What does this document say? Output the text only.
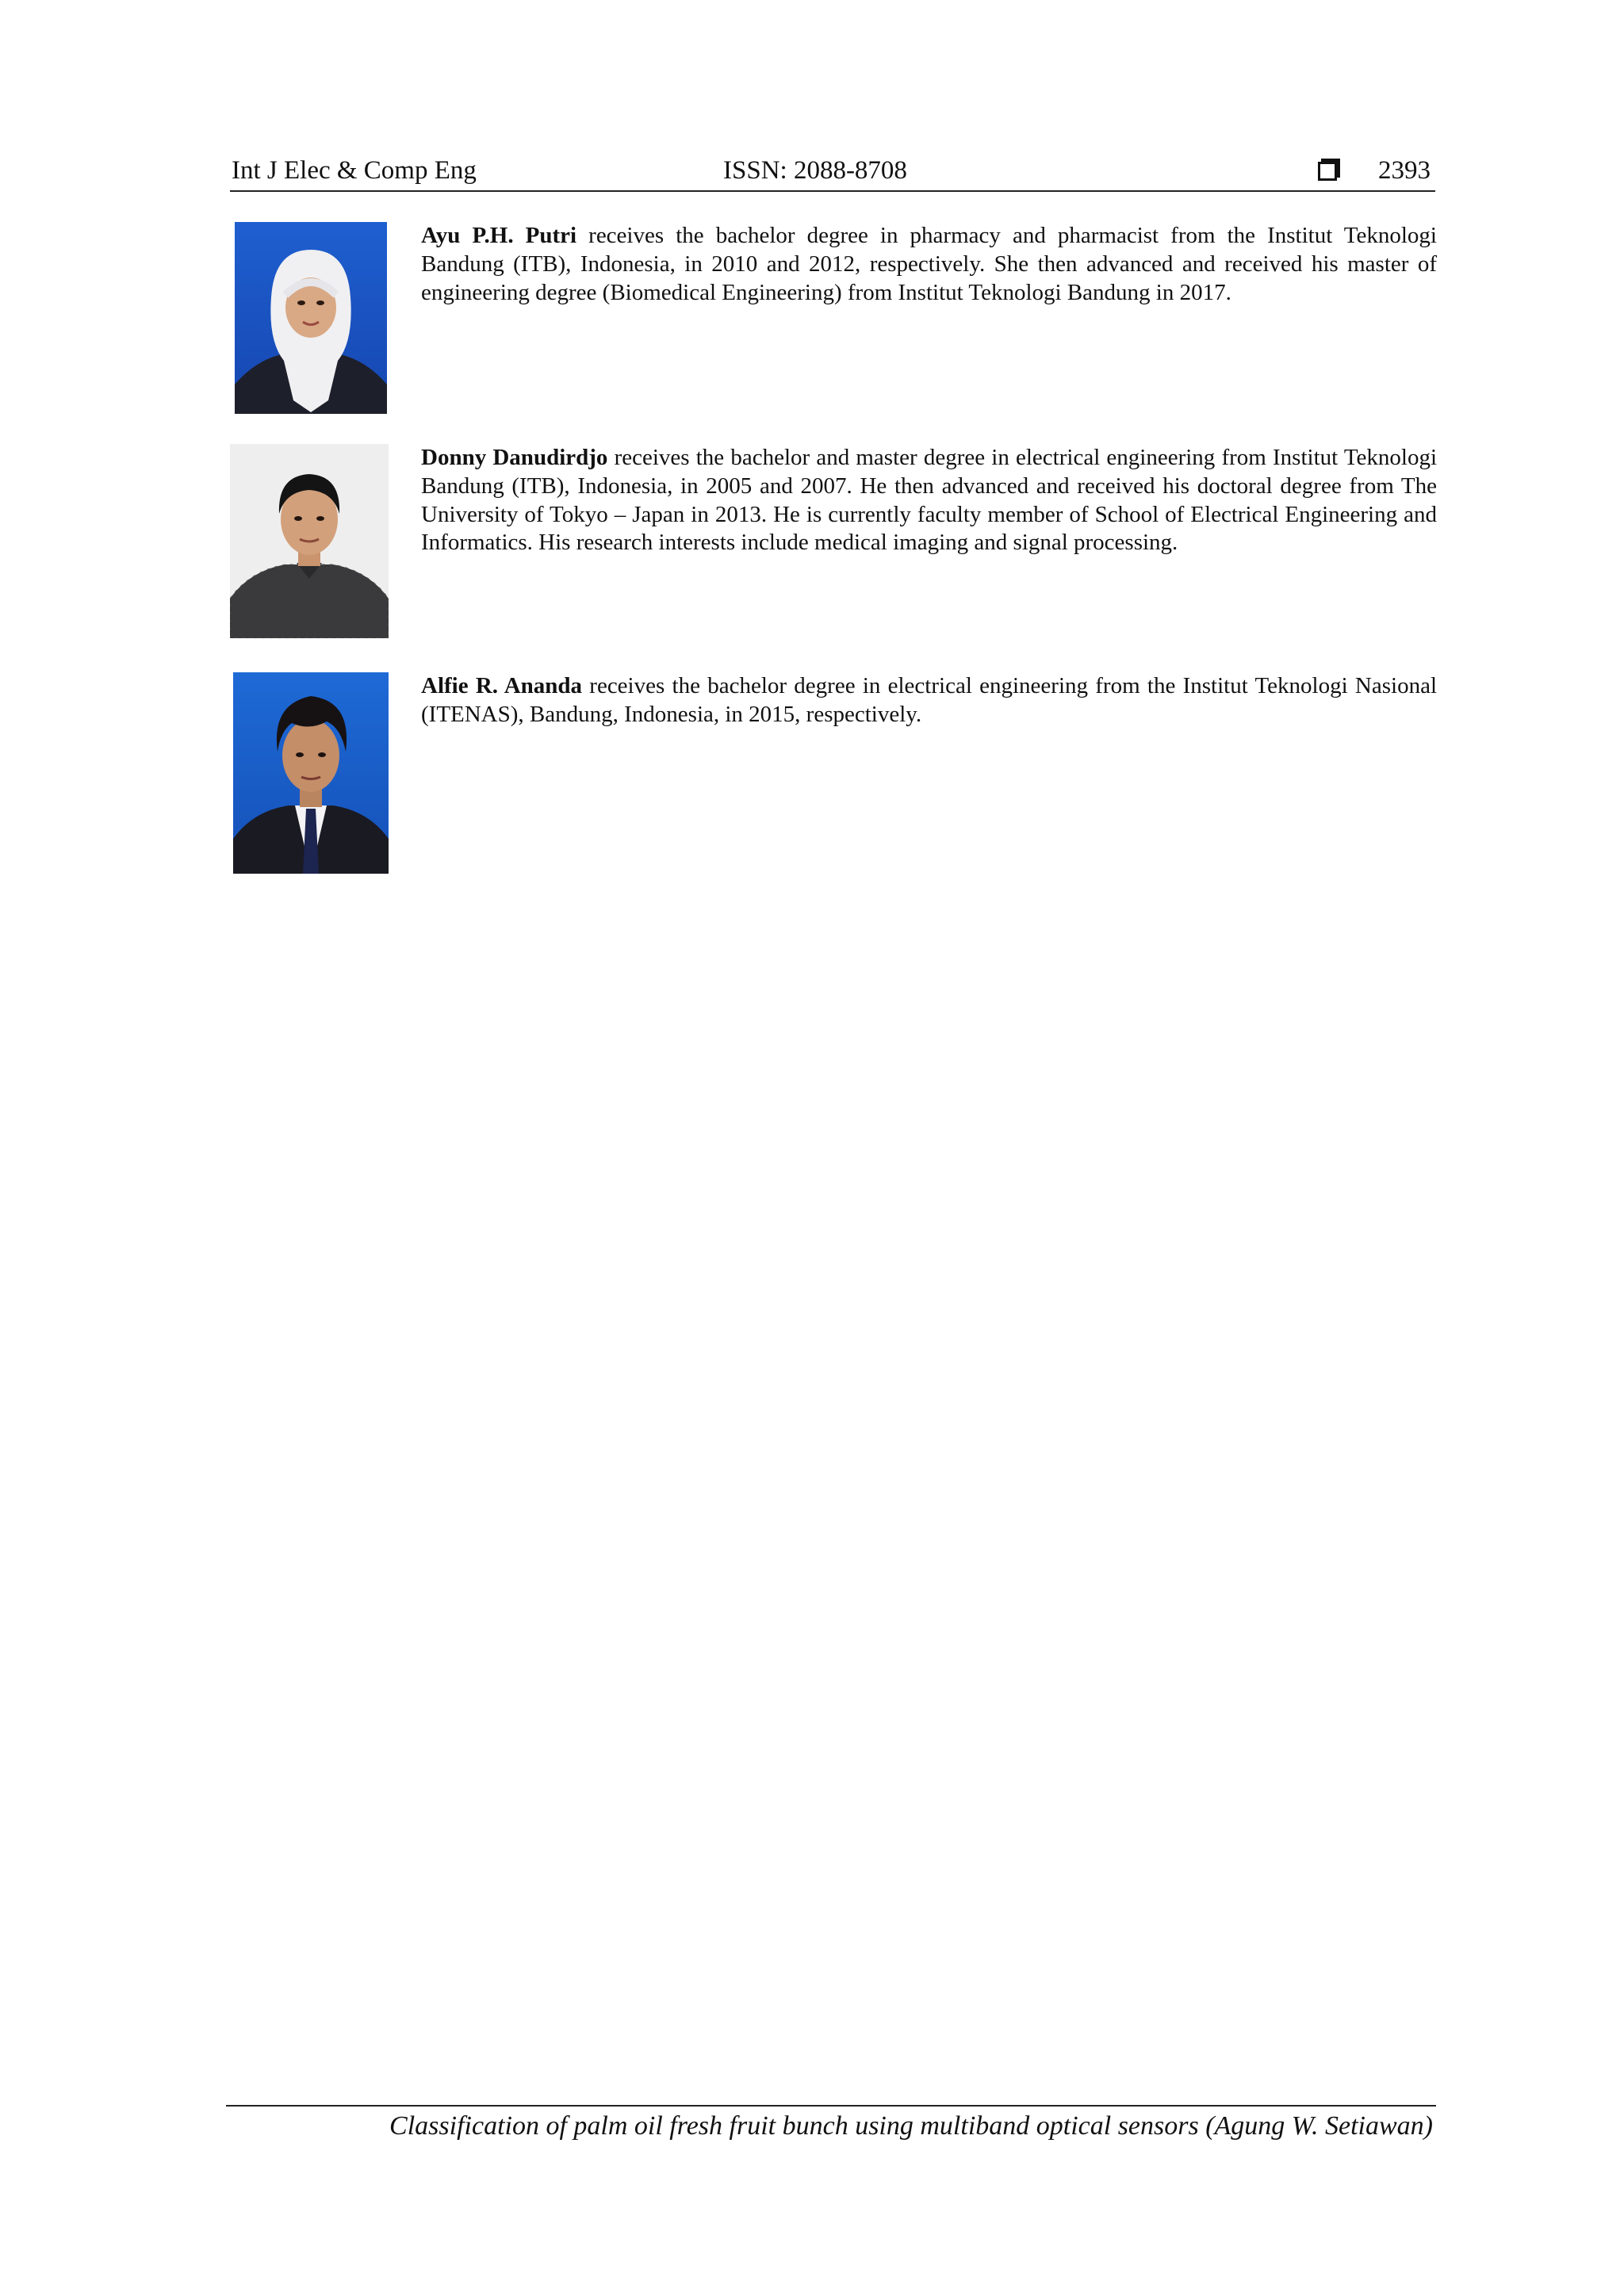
Int J Elec & Comp Eng	ISSN: 2088-8708	2393
Ayu P.H. Putri receives the bachelor degree in pharmacy and pharmacist from the Institut Teknologi Bandung (ITB), Indonesia, in 2010 and 2012, respectively. She then advanced and received his master of engineering degree (Biomedical Engineering) from Institut Teknologi Bandung in 2017.
Donny Danudirdjo receives the bachelor and master degree in electrical engineering from Institut Teknologi Bandung (ITB), Indonesia, in 2005 and 2007. He then advanced and received his doctoral degree from The University of Tokyo – Japan in 2013. He is currently faculty member of School of Electrical Engineering and Informatics. His research interests include medical imaging and signal processing.
Alfie R. Ananda receives the bachelor degree in electrical engineering from the Institut Teknologi Nasional (ITENAS), Bandung, Indonesia, in 2015, respectively.
Classification of palm oil fresh fruit bunch using multiband optical sensors (Agung W. Setiawan)
